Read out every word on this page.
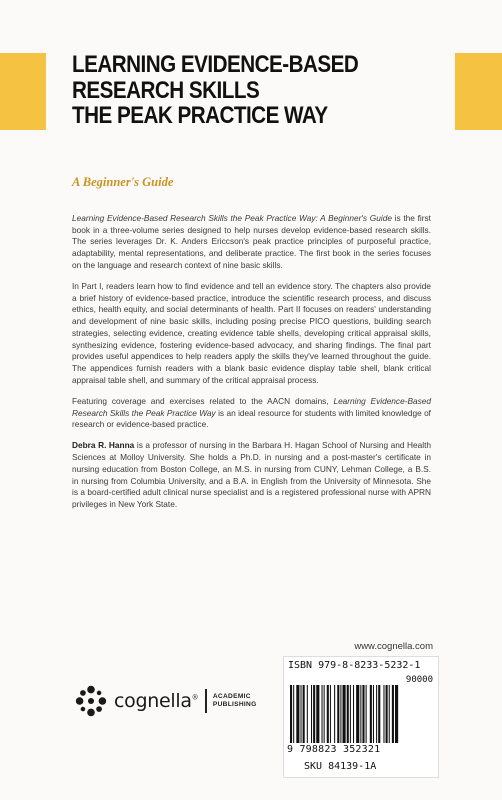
LEARNING EVIDENCE-BASED
RESEARCH SKILLS
THE PEAK PRACTICE WAY
A Beginner's Guide

Learning Evidence-Based Research Skills the Peak Practice Way: A Beginner's Guide is the first book in a three-volume series designed to help nurses develop evidence-based research skills. The series leverages Dr. K. Anders Ericcson's peak practice principles of purposeful practice, adaptability, mental representations, and deliberate practice. The first book in the series focuses on the language and research context of nine basic skills.

In Part I, readers learn how to find evidence and tell an evidence story. The chapters also provide a brief history of evidence-based practice, introduce the scientific research process, and discuss ethics, health equity, and social determinants of health. Part II focuses on readers' understanding and development of nine basic skills, including posing precise PICO questions, building search strategies, selecting evidence, creating evidence table shells, developing critical appraisal skills, synthesizing evidence, fostering evidence-based advocacy, and sharing findings. The final part provides useful appendices to help readers apply the skills they've learned throughout the guide. The appendices furnish readers with a blank basic evidence display table shell, blank critical appraisal table shell, and summary of the critical appraisal process.

Featuring coverage and exercises related to the AACN domains, Learning Evidence-Based Research Skills the Peak Practice Way is an ideal resource for students with limited knowledge of research or evidence-based practice.

Debra R. Hanna is a professor of nursing in the Barbara H. Hagan School of Nursing and Health Sciences at Molloy University. She holds a Ph.D. in nursing and a post-master's certificate in nursing education from Boston College, an M.S. in nursing from CUNY, Lehman College, a B.S. in nursing from Columbia University, and a B.A. in English from the University of Minnesota. She is a board-certified adult clinical nurse specialist and is a registered professional nurse with APRN privileges in New York State.

www.cognella.com
ISBN 979-8-8233-5232-1
90000
9 798823 352321
SKU 84139-1A
cognella® ACADEMIC
PUBLISHING
